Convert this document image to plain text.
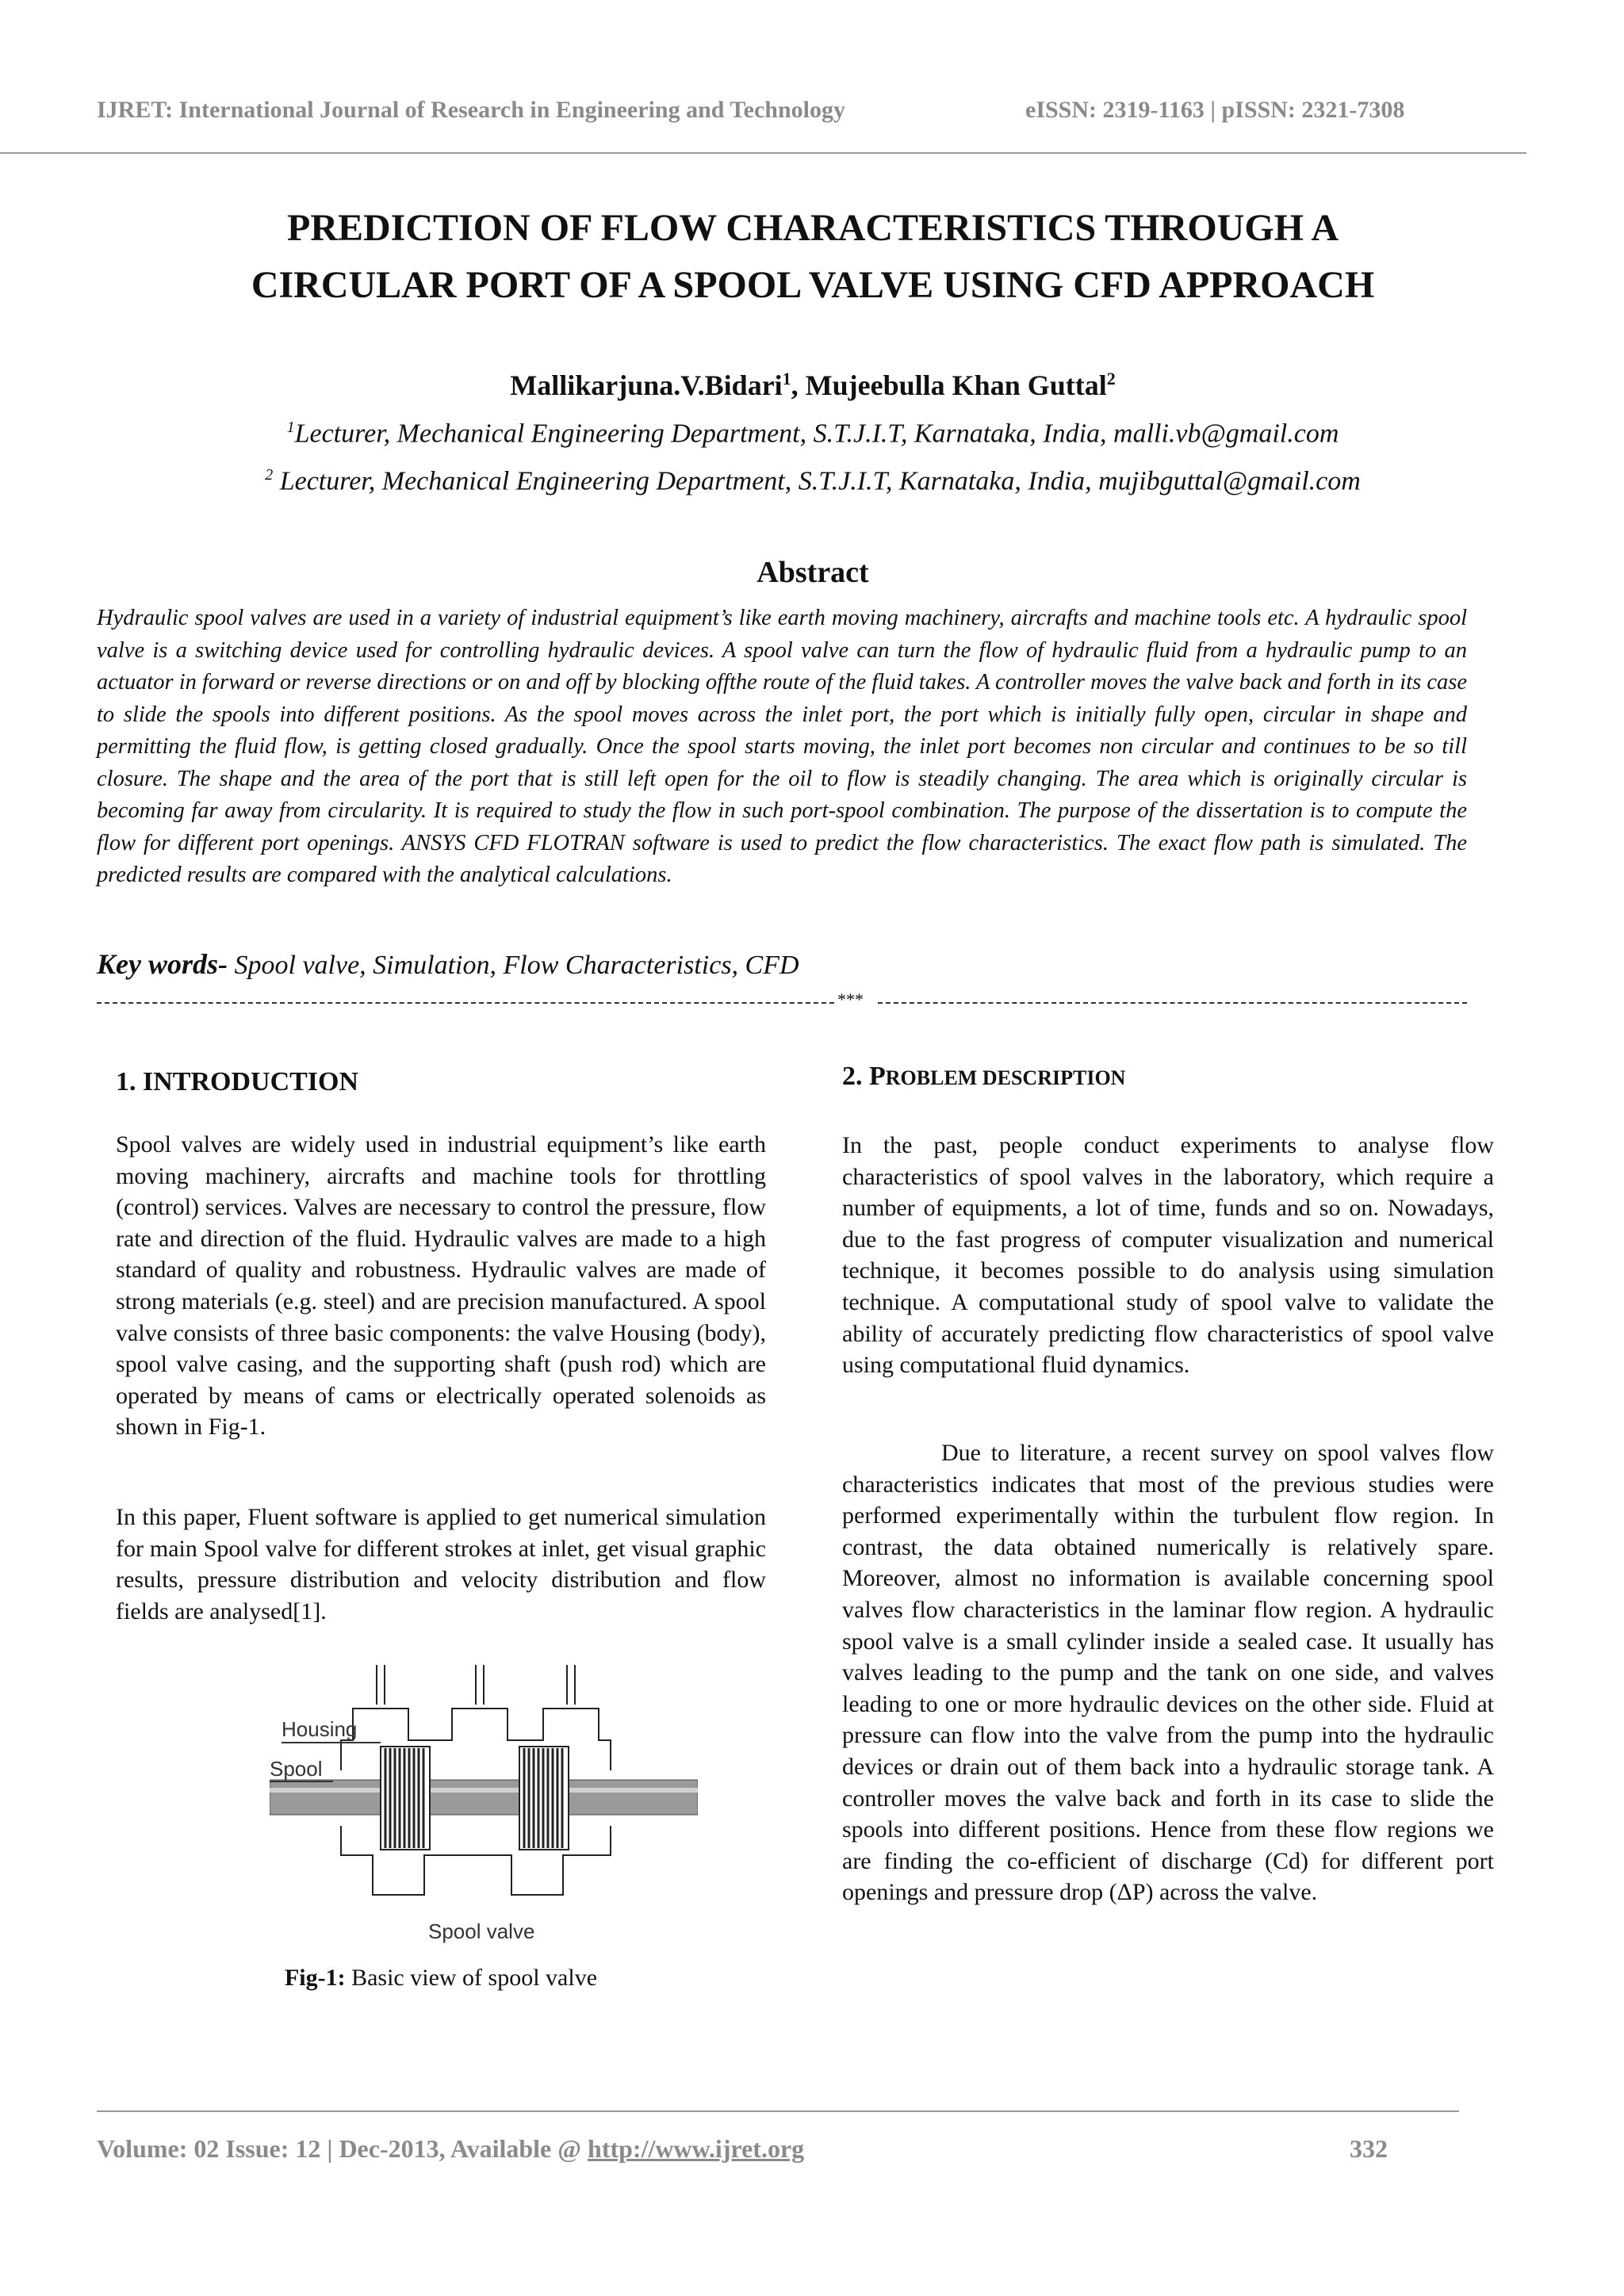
IJRET: International Journal of Research in Engineering and Technology	eISSN: 2319-1163 | pISSN: 2321-7308
PREDICTION OF FLOW CHARACTERISTICS THROUGH A
CIRCULAR PORT OF A SPOOL VALVE USING CFD APPROACH
Mallikarjuna.V.Bidari$^1$, Mujeebulla Khan Guttal$^2$
$^1$Lecturer, Mechanical Engineering Department, S.T.J.I.T, Karnataka, India, malli.vb@gmail.com
$^2$ Lecturer, Mechanical Engineering Department, S.T.J.I.T, Karnataka, India, mujibguttal@gmail.com
Abstract
Hydraulic spool valves are used in a variety of industrial equipment’s like earth moving machinery, aircrafts and machine tools etc. A hydraulic spool valve is a switching device used for controlling hydraulic devices. A spool valve can turn the flow of hydraulic fluid from a hydraulic pump to an actuator in forward or reverse directions or on and off by blocking offthe route of the fluid takes. A controller moves the valve back and forth in its case to slide the spools into different positions. As the spool moves across the inlet port, the port which is initially fully open, circular in shape and permitting the fluid flow, is getting closed gradually. Once the spool starts moving, the inlet port becomes non circular and continues to be so till closure. The shape and the area of the port that is still left open for the oil to flow is steadily changing. The area which is originally circular is becoming far away from circularity. It is required to study the flow in such port-spool combination. The purpose of the dissertation is to compute the flow for different port openings. ANSYS CFD FLOTRAN software is used to predict the flow characteristics. The exact flow path is simulated. The predicted results are compared with the analytical calculations.
Key words- Spool valve, Simulation, Flow Characteristics, CFD
***
1. INTRODUCTION
Spool valves are widely used in industrial equipment’s like earth moving machinery, aircrafts and machine tools for throttling (control) services. Valves are necessary to control the pressure, flow rate and direction of the fluid. Hydraulic valves are made to a high standard of quality and robustness. Hydraulic valves are made of strong materials (e.g. steel) and are precision manufactured. A spool valve consists of three basic components: the valve Housing (body), spool valve casing, and the supporting shaft (push rod) which are operated by means of cams or electrically operated solenoids as shown in Fig-1.
In this paper, Fluent software is applied to get numerical simulation for main Spool valve for different strokes at inlet, get visual graphic results, pressure distribution and velocity distribution and flow fields are analysed[1].
Housing
Spool
Spool valve
Fig-1: Basic view of spool valve
2. PROBLEM DESCRIPTION
In the past, people conduct experiments to analyse flow characteristics of spool valves in the laboratory, which require a number of equipments, a lot of time, funds and so on. Nowadays, due to the fast progress of computer visualization and numerical technique, it becomes possible to do analysis using simulation technique. A computational study of spool valve to validate the ability of accurately predicting flow characteristics of spool valve using computational fluid dynamics.
Due to literature, a recent survey on spool valves flow characteristics indicates that most of the previous studies were performed experimentally within the turbulent flow region. In contrast, the data obtained numerically is relatively spare. Moreover, almost no information is available concerning spool valves flow characteristics in the laminar flow region. A hydraulic spool valve is a small cylinder inside a sealed case. It usually has valves leading to the pump and the tank on one side, and valves leading to one or more hydraulic devices on the other side. Fluid at pressure can flow into the valve from the pump into the hydraulic devices or drain out of them back into a hydraulic storage tank. A controller moves the valve back and forth in its case to slide the spools into different positions. Hence from these flow regions we are finding the co-efficient of discharge (Cd) for different port openings and pressure drop (ΔP) across the valve.
Volume: 02 Issue: 12 | Dec-2013, Available @ http://www.ijret.org	332
